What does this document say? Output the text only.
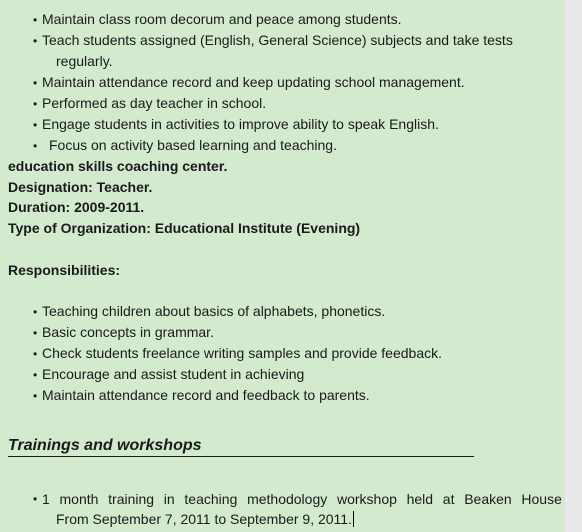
• Maintain class room decorum and peace among students.
• Teach students assigned (English, General Science) subjects and take tests
regularly.
• Maintain attendance record and keep updating school management.
• Performed as day teacher in school.
• Engage students in activities to improve ability to speak English.
• Focus on activity based learning and teaching.
education skills coaching center.
Designation: Teacher.
Duration: 2009-2011.
Type of Organization: Educational Institute (Evening)
Responsibilities:
• Teaching children about basics of alphabets, phonetics.
• Basic concepts in grammar.
• Check students freelance writing samples and provide feedback.
• Encourage and assist student in achieving
• Maintain attendance record and feedback to parents.
Trainings and workshops
• 1 month training in teaching methodology workshop held at Beaken House
From September 7, 2011 to September 9, 2011.
